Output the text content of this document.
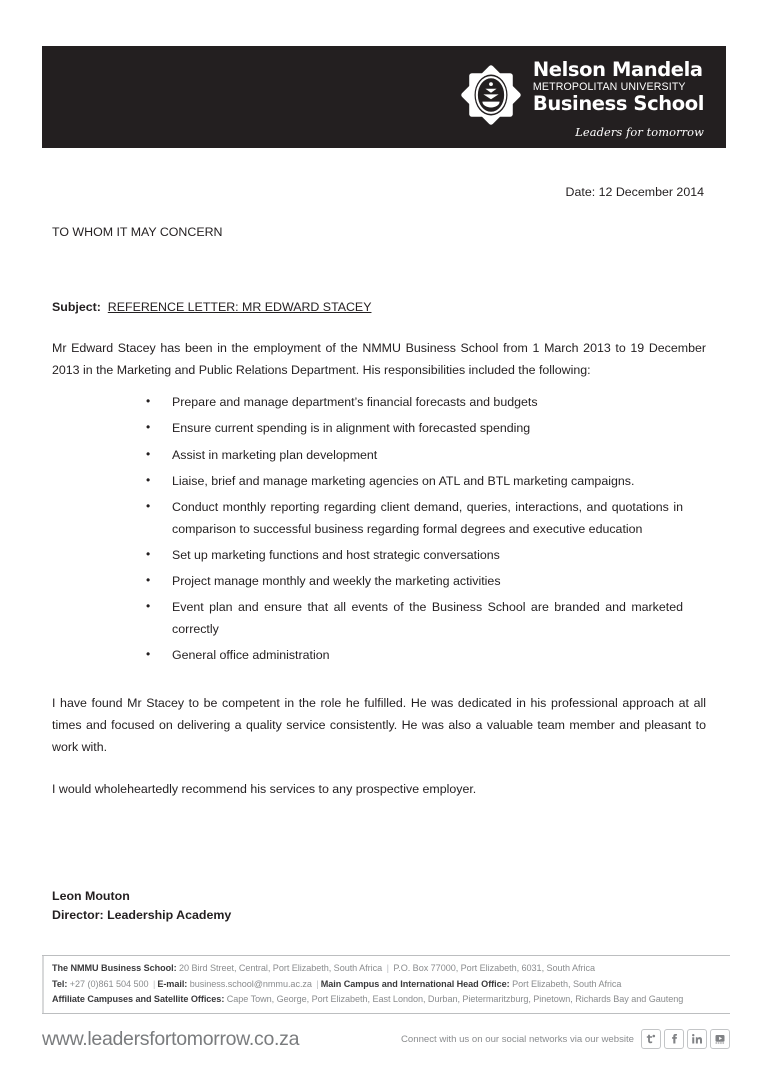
Nelson Mandela
METROPOLITAN UNIVERSITY
Business School
Leaders for tomorrow
Date: 12 December 2014
TO WHOM IT MAY CONCERN
Subject: REFERENCE LETTER: MR EDWARD STACEY

Mr Edward Stacey has been in the employment of the NMMU Business School from 1 March 2013 to 19 December 2013 in the Marketing and Public Relations Department. His responsibilities included the following:

• Prepare and manage department’s financial forecasts and budgets
• Ensure current spending is in alignment with forecasted spending
• Assist in marketing plan development
• Liaise, brief and manage marketing agencies on ATL and BTL marketing campaigns.
• Conduct monthly reporting regarding client demand, queries, interactions, and quotations in comparison to successful business regarding formal degrees and executive education
• Set up marketing functions and host strategic conversations
• Project manage monthly and weekly the marketing activities
• Event plan and ensure that all events of the Business School are branded and marketed correctly
• General office administration

I have found Mr Stacey to be competent in the role he fulfilled. He was dedicated in his professional approach at all times and focused on delivering a quality service consistently. He was also a valuable team member and pleasant to work with.

I would wholeheartedly recommend his services to any prospective employer.

Leon Mouton
Director: Leadership Academy
The NMMU Business School: 20 Bird Street, Central, Port Elizabeth, South Africa | P.O. Box 77000, Port Elizabeth, 6031, South Africa
Tel: +27 (0)861 504 500 | E-mail: business.school@nmmu.ac.za | Main Campus and International Head Office: Port Elizabeth, South Africa
Affiliate Campuses and Satellite Offices: Cape Town, George, Port Elizabeth, East London, Durban, Pietermaritzburg, Pinetown, Richards Bay and Gauteng
www.leadersfortomorrow.co.za	Connect with us on our social networks via our website
